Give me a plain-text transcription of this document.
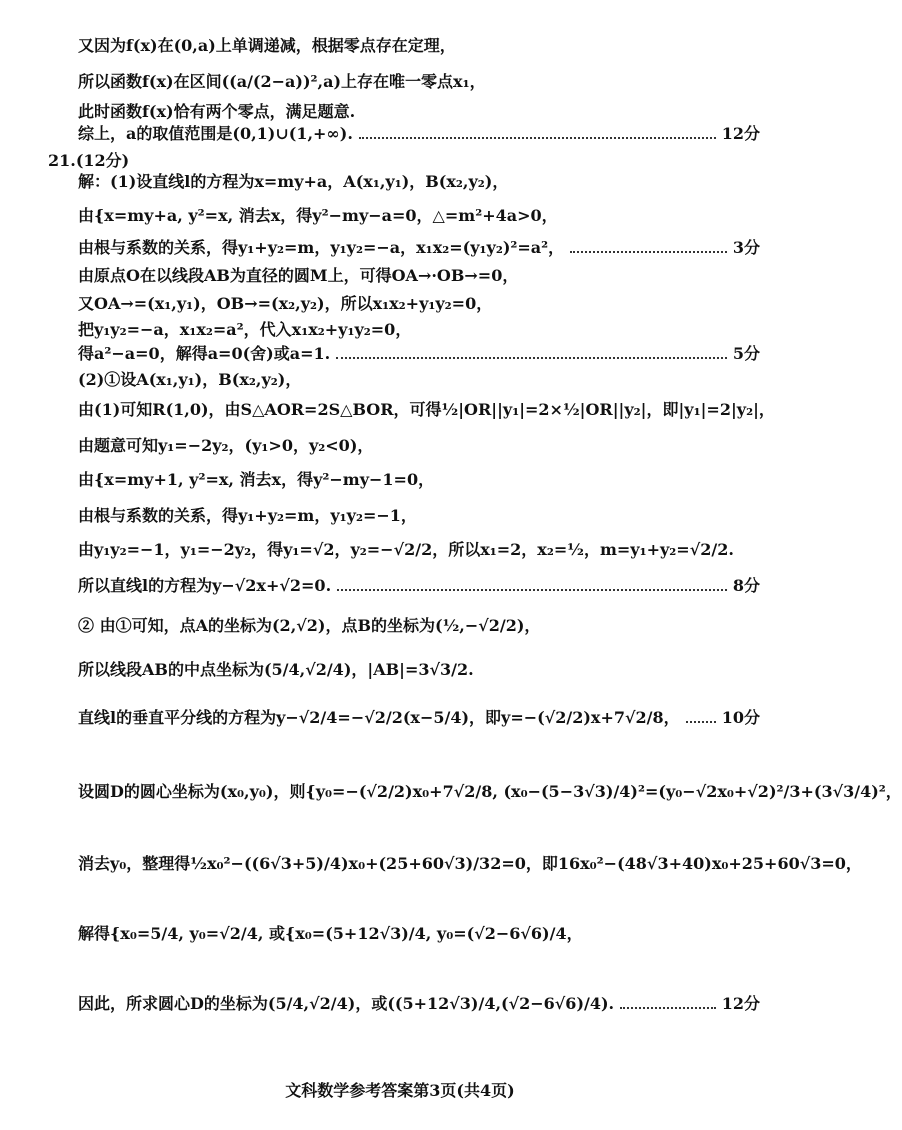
又因为f(x)在(0,a)上单调递减，根据零点存在定理，
所以函数f(x)在区间((a/(2−a))²,a)上存在唯一零点x₁，
此时函数f(x)恰有两个零点，满足题意.
综上，a的取值范围是(0,1)∪(1,+∞).	12分
21.(12分)
解：(1)设直线l的方程为x=my+a，A(x₁,y₁)，B(x₂,y₂)，
由{x=my+a, y²=x, 消去x，得y²−my−a=0，△=m²+4a>0，
由根与系数的关系，得y₁+y₂=m，y₁y₂=−a，x₁x₂=(y₁y₂)²=a²，	3分
由原点O在以线段AB为直径的圆M上，可得OA→·OB→=0，
又OA→=(x₁,y₁)，OB→=(x₂,y₂)，所以x₁x₂+y₁y₂=0，
把y₁y₂=−a，x₁x₂=a²，代入x₁x₂+y₁y₂=0，
得a²−a=0，解得a=0(舍)或a=1.	5分
(2)①设A(x₁,y₁)，B(x₂,y₂)，
由(1)可知R(1,0)，由S△AOR=2S△BOR，可得½|OR||y₁|=2×½|OR||y₂|，即|y₁|=2|y₂|，
由题意可知y₁=−2y₂，(y₁>0，y₂<0)，
由{x=my+1, y²=x, 消去x，得y²−my−1=0，
由根与系数的关系，得y₁+y₂=m，y₁y₂=−1，
由y₁y₂=−1，y₁=−2y₂，得y₁=√2，y₂=−√2/2，所以x₁=2，x₂=½，m=y₁+y₂=√2/2.
所以直线l的方程为y−√2x+√2=0.	8分
② 由①可知，点A的坐标为(2,√2)，点B的坐标为(½,−√2/2)，
所以线段AB的中点坐标为(5/4,√2/4)，|AB|=3√3/2.
直线l的垂直平分线的方程为y−√2/4=−√2/2(x−5/4)，即y=−(√2/2)x+7√2/8，	10分
设圆D的圆心坐标为(x₀,y₀)，则{y₀=−(√2/2)x₀+7√2/8, (x₀−(5−3√3)/4)²=(y₀−√2x₀+√2)²/3+(3√3/4)²，
消去y₀，整理得½x₀²−((6√3+5)/4)x₀+(25+60√3)/32=0，即16x₀²−(48√3+40)x₀+25+60√3=0，
解得{x₀=5/4, y₀=√2/4, 或{x₀=(5+12√3)/4, y₀=(√2−6√6)/4，
因此，所求圆心D的坐标为(5/4,√2/4)，或((5+12√3)/4,(√2−6√6)/4).	12分
文科数学参考答案第3页(共4页)
